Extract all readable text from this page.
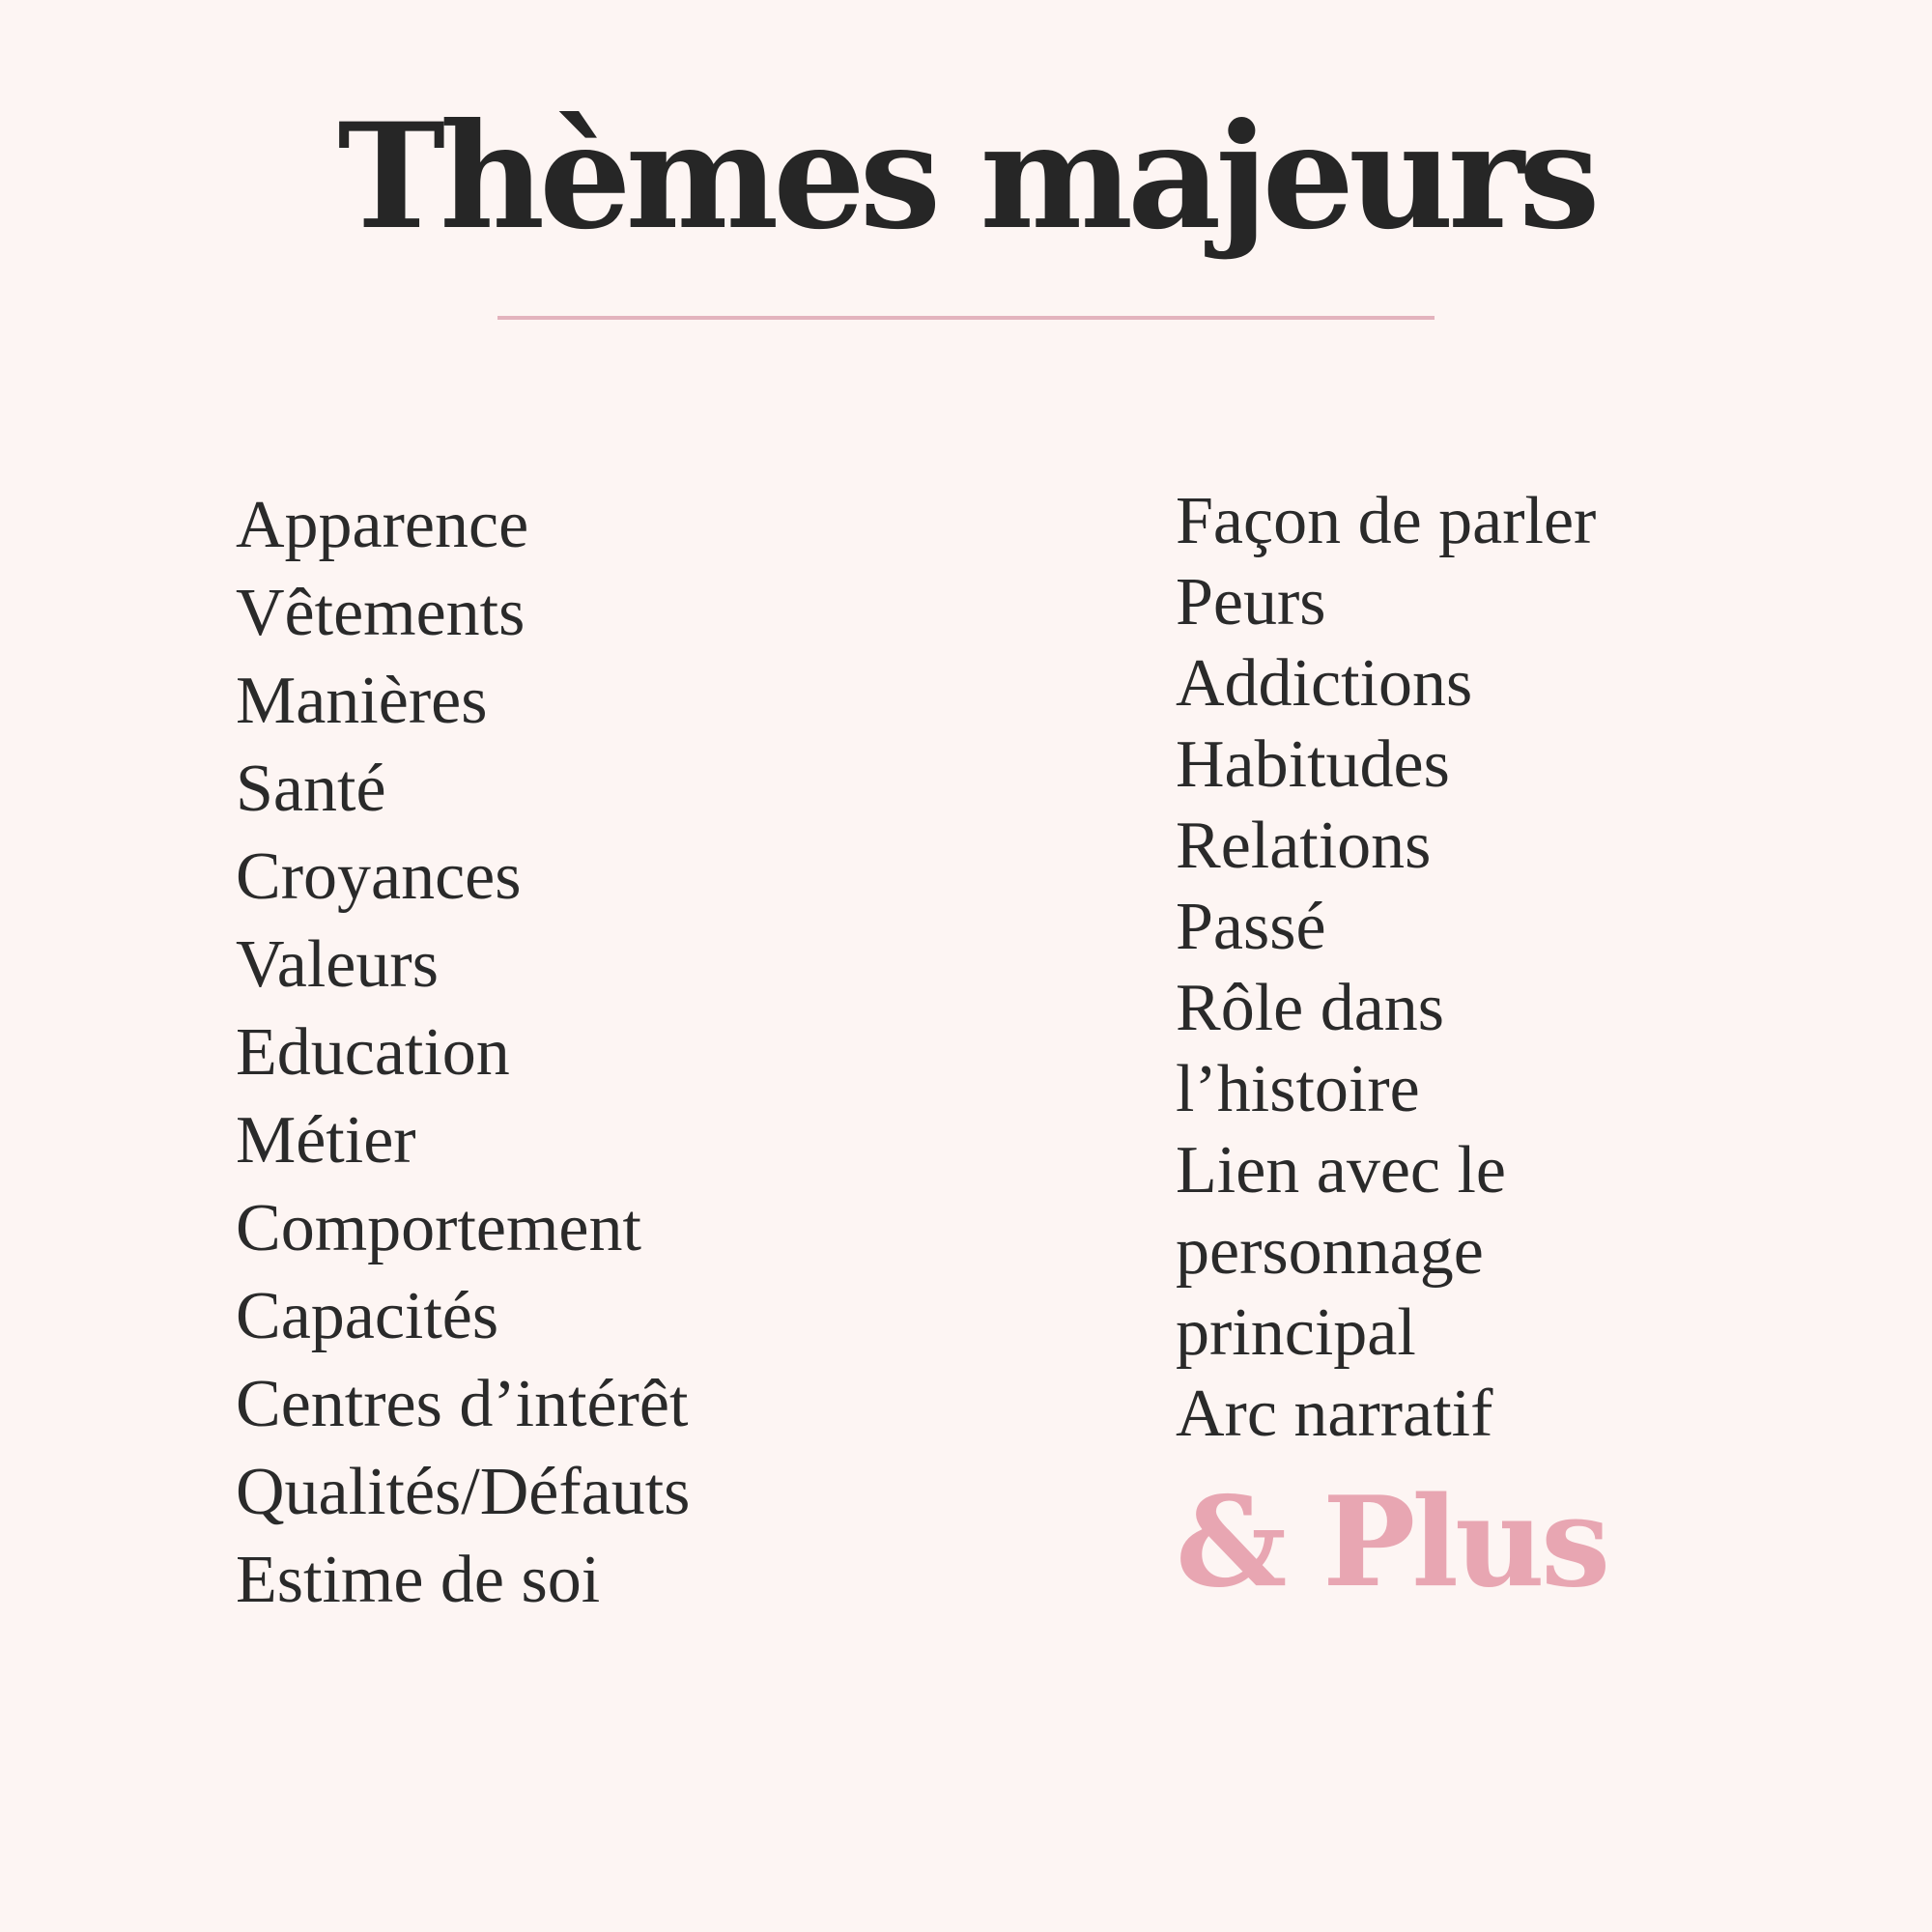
Thèmes majeurs
Apparence
Vêtements
Manières
Santé
Croyances
Valeurs
Education
Métier
Comportement
Capacités
Centres d’intérêt
Qualités/Défauts
Estime de soi
Façon de parler
Peurs
Addictions
Habitudes
Relations
Passé
Rôle dans
l’histoire
Lien avec le
personnage
principal
Arc narratif
& Plus
